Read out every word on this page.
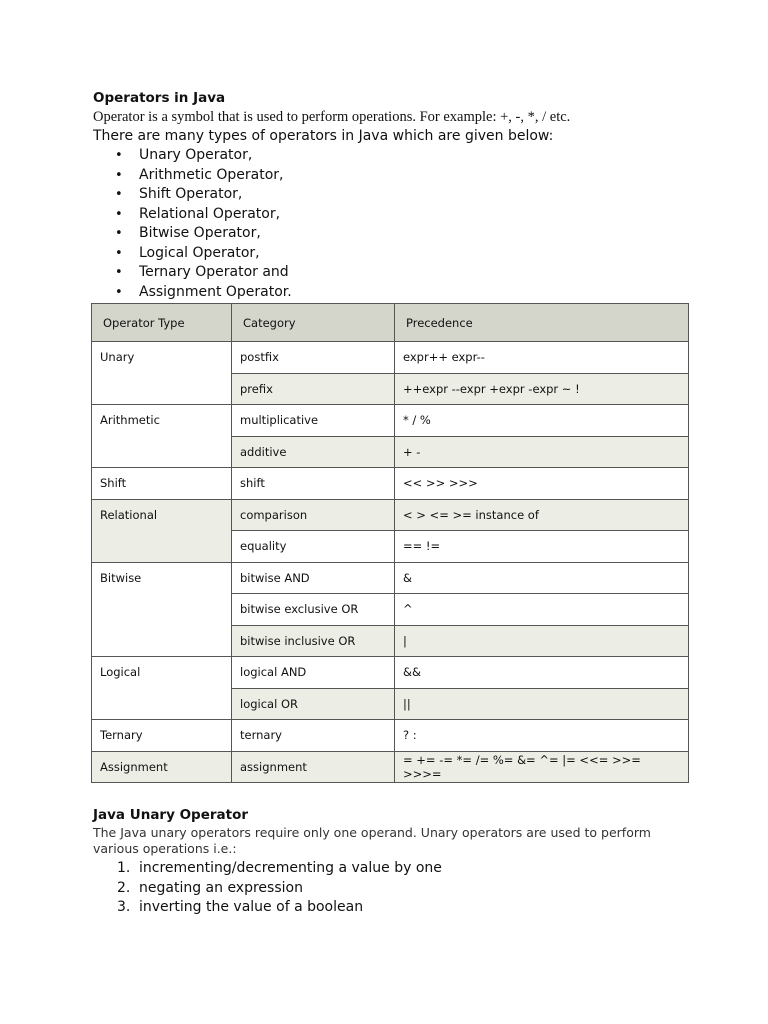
Operators in Java

Operator is a symbol that is used to perform operations. For example: +, -, *, / etc.

There are many types of operators in Java which are given below:

• Unary Operator,
• Arithmetic Operator,
• Shift Operator,
• Relational Operator,
• Bitwise Operator,
• Logical Operator,
• Ternary Operator and
• Assignment Operator.
Operator Type	Category	Precedence
Unary	postfix	expr++ expr--
	prefix	++expr --expr +expr -expr ~ !
Arithmetic	multiplicative	* / %
	additive	+ -
Shift	shift	<< >> >>>
Relational	comparison	< > <= >= instance of
	equality	== !=
Bitwise	bitwise AND	&
	bitwise exclusive OR	^
	bitwise inclusive OR	|
Logical	logical AND	&&
	logical OR	||
Ternary	ternary	? :
Assignment	assignment	= += -= *= /= %= &= ^= |= <<= >>= >>>=

Java Unary Operator

The Java unary operators require only one operand. Unary operators are used to perform various operations i.e.:

1. incrementing/decrementing a value by one
2. negating an expression
3. inverting the value of a boolean
